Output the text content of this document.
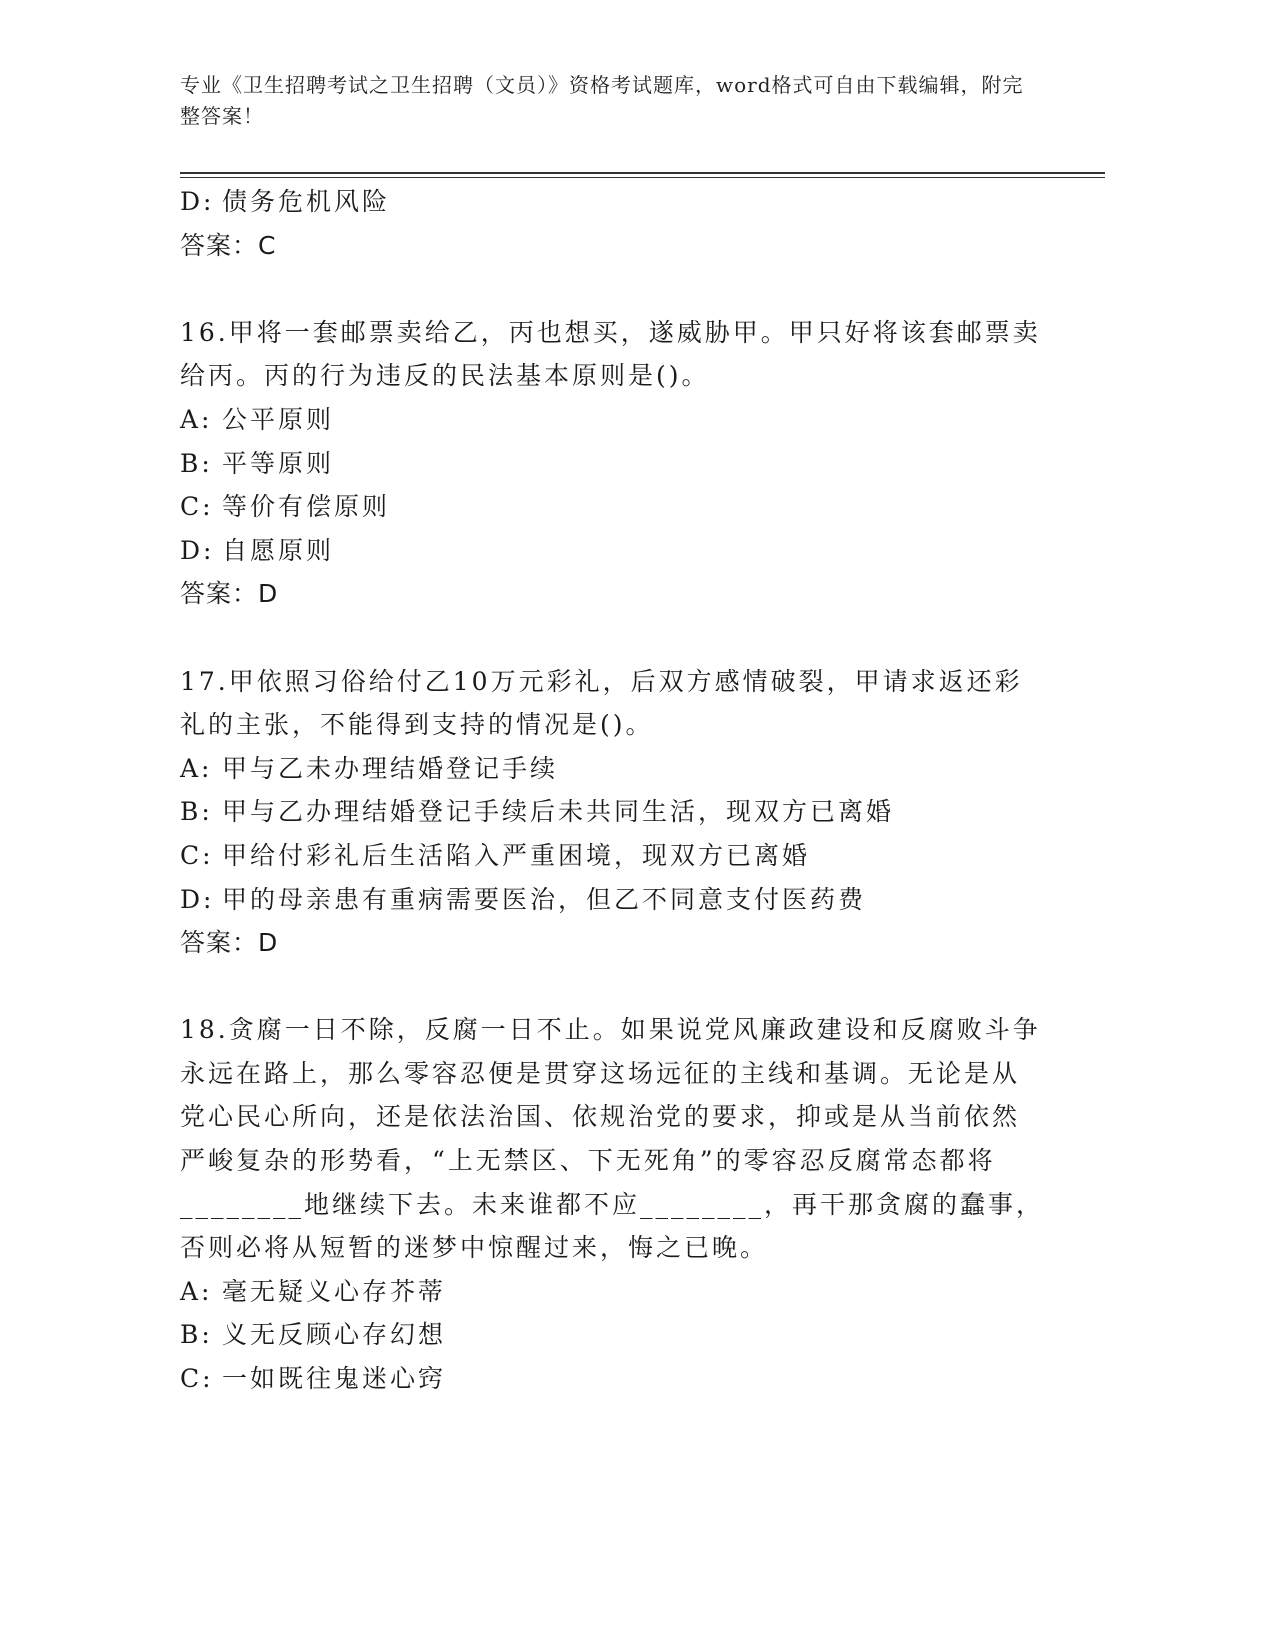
专业《卫生招聘考试之卫生招聘（文员）》资格考试题库，word格式可自由下载编辑，附完整答案！
D: 债务危机风险
答案：C
16.甲将一套邮票卖给乙，丙也想买，遂威胁甲。甲只好将该套邮票卖
给丙。丙的行为违反的民法基本原则是()。
A: 公平原则
B: 平等原则
C: 等价有偿原则
D: 自愿原则
答案：D
17.甲依照习俗给付乙10万元彩礼，后双方感情破裂，甲请求返还彩
礼的主张，不能得到支持的情况是()。
A: 甲与乙未办理结婚登记手续
B: 甲与乙办理结婚登记手续后未共同生活，现双方已离婚
C: 甲给付彩礼后生活陷入严重困境，现双方已离婚
D: 甲的母亲患有重病需要医治，但乙不同意支付医药费
答案：D
18.贪腐一日不除，反腐一日不止。如果说党风廉政建设和反腐败斗争
永远在路上，那么零容忍便是贯穿这场远征的主线和基调。无论是从
党心民心所向，还是依法治国、依规治党的要求，抑或是从当前依然
严峻复杂的形势看，“上无禁区、下无死角”的零容忍反腐常态都将
________地继续下去。未来谁都不应________，再干那贪腐的蠢事，
否则必将从短暂的迷梦中惊醒过来，悔之已晚。
A: 毫无疑义心存芥蒂
B: 义无反顾心存幻想
C: 一如既往鬼迷心窍
